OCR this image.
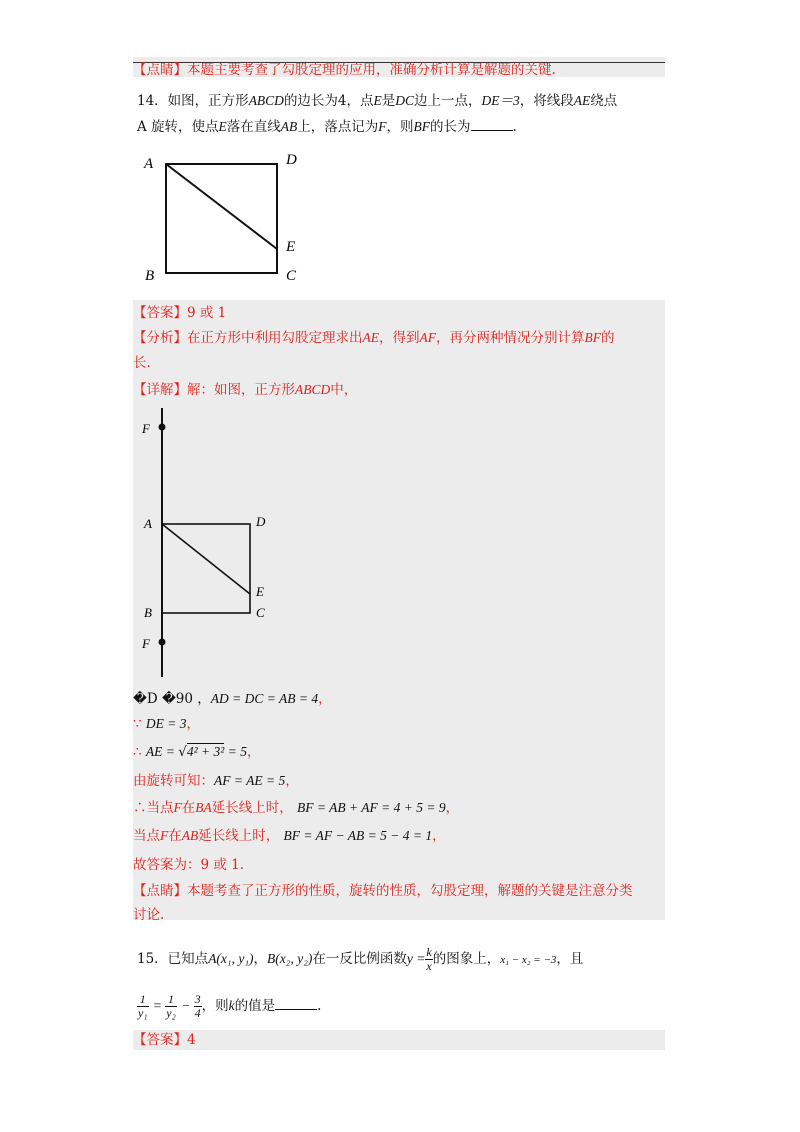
【点睛】本题主要考查了勾股定理的应用，准确分析计算是解题的关键.
14．如图，正方形ABCD的边长为4，点E是DC边上一点，DE＝3，将线段AE绕点
A 旋转，使点E落在直线AB上，落点记为F，则BF的长为	.
A	D
E
B	C
【答案】9 或 1
【分析】在正方形中利用勾股定理求出AE，得到AF，再分两种情况分别计算BF的
长.
【详解】解：如图，正方形ABCD中，
F
A	D
E
B	C
F
�D �90 ，AD = DC = AB = 4，
∵ DE = 3，
∴ AE = √4² + 3² = 5，
由旋转可知：AF = AE = 5，
∴当点F在BA延长线上时， BF = AB + AF = 4 + 5 = 9，
当点F在AB延长线上时， BF = AF − AB = 5 − 4 = 1，
故答案为：9 或 1.
【点睛】本题考查了正方形的性质，旋转的性质，勾股定理，解题的关键是注意分类
讨论.
15．已知点A(x₁, y₁)，B(x₂, y₂)在一反比例函数$y = \frac{k}{x}$ 的图象上，x₁ − x₂ = −3，且
$\frac{1}{\text{y₁}} = \frac{1}{\text{y₂}} - \frac{3}{4}$ ，则k的值是	.
【答案】4
